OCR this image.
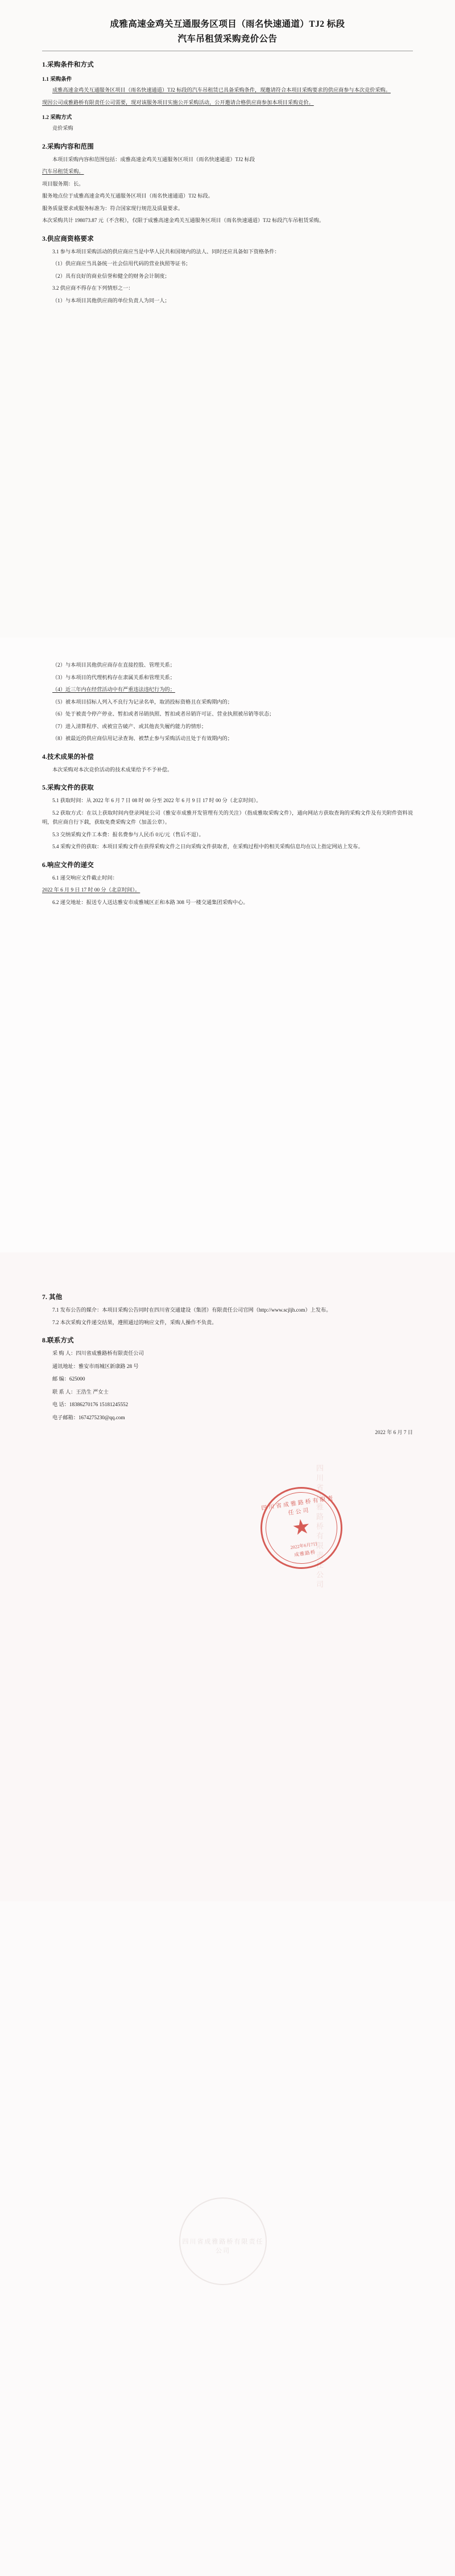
成雅高速金鸡关互通服务区项目（雨名快速通道）TJ2 标段
汽车吊租赁采购竞价公告
1.采购条件和方式
1.1 采购条件

成雅高速金鸡关互通服务区项目（雨名快速通道）TJ2 标段的汽车吊租赁已具备采购条件，现邀请符合本项目采购要求的供应商参与本次竞价采购。

现因公司成雅路桥有限责任公司需要，现对该服务项目实施公开采购活动，公开邀请合格供应商参加本项目采购竞价。

1.2 采购方式

竞价采购

2.采购内容和范围

本项目采购内容和范围包括：成雅高速金鸡关互通服务区项目（雨名快速通道）TJ2 标段

汽车吊租赁采购。

项目服务期：长。

服务地点位于成雅高速金鸡关互通服务区项目（雨名快速通道）TJ2 标段。

服务质量要求或服务标准为：符合国家现行规范及质量要求。

本次采购共计 198073.87 元（不含税），仅限于成雅高速金鸡关互通服务区项目（雨名快速通道）TJ2 标段汽车吊租赁采购。

3.供应商资格要求

3.1 参与本项目采购活动的供应商应当是中华人民共和国境内的法人、同时还应具备如下资格条件：

（1）供应商应当具备统一社会信用代码的营业执照等证书；

（2）具有良好的商业信誉和健全的财务会计制度；

3.2 供应商不得存在下列情形之一：

（1）与本项目其他供应商的单位负责人为同一人；

（2）与本项目其他供应商存在直接控股、管理关系；

（3）与本项目的代理机构存在隶属关系和管理关系；

（4）近三年内在经营活动中有严重违法违纪行为的；

（5）被本项目招标人列入不良行为记录名单，取消投标资格且在采购期内的；

（6）处于被责令停产停业、暂扣或者吊销执照、暂扣或者吊销许可证、营业执照被吊销等状态；

（7）进入清算程序、或被宣告破产、或其他丧失履约能力的情形；

（8）被最近的供应商信用记录查询、被禁止参与采购活动且处于有效期内的；

4.技术成果的补偿

本次采购对本次竞价活动的技术成果给予不予补偿。

5.采购文件的获取

5.1 获取时间：从 2022 年 6 月 7 日 08 时 00 分至 2022 年 6 月 9 日 17 时 00 分（北京时间）。

5.2 获取方式：在以上获取时间内登录网址公司（雅安市成雅开发管理有关的关注）（指成雅取采购文件），通向网站方获取查询的采购文件及有关附件资料说明，供应商自行下载，获取免费采购文件（加盖公章）。

5.3 交纳采购文件工本费：报名费参与人民币 0元/元（售后不退）。

5.4 采购文件的获取：本项目采购文件在获得采购文件之日向采购文件获取者，在采购过程中的相关采购信息均在以上指定网站上发布。

6.响应文件的递交

6.1 递交响应文件截止时间：

2022 年 6 月 9 日 17 时 00 分（北京时间）。

6.2 递交地址：报送专人送达雅安市成雅城区正和本路 308 号一楼交通集团采购中心。

7. 其他

7.1 发布公告的媒介：本项目采购公告同时在四川省交通建设（集团）有限责任公司官网（http://www.scjljh.com）上发布。

7.2 本次采购文件递交结果，遵照通过的响应文件，采购人操作不负责。

8.联系方式

采 购 人：四川省成雅路桥有限责任公司

通讯地址：雅安市雨城区新康路 28 号

邮 编：625000

联 系 人：王浩生 严女士

电 话：18386270176 15181245552

电子邮箱：1674275230@qq.com

2022 年 6 月 7 日
四川省成雅路桥有限责任公司
★
2022年6月7日
成雅路桥
四川省成雅路桥有限责任公司
四川省成雅路桥有限责任公司
